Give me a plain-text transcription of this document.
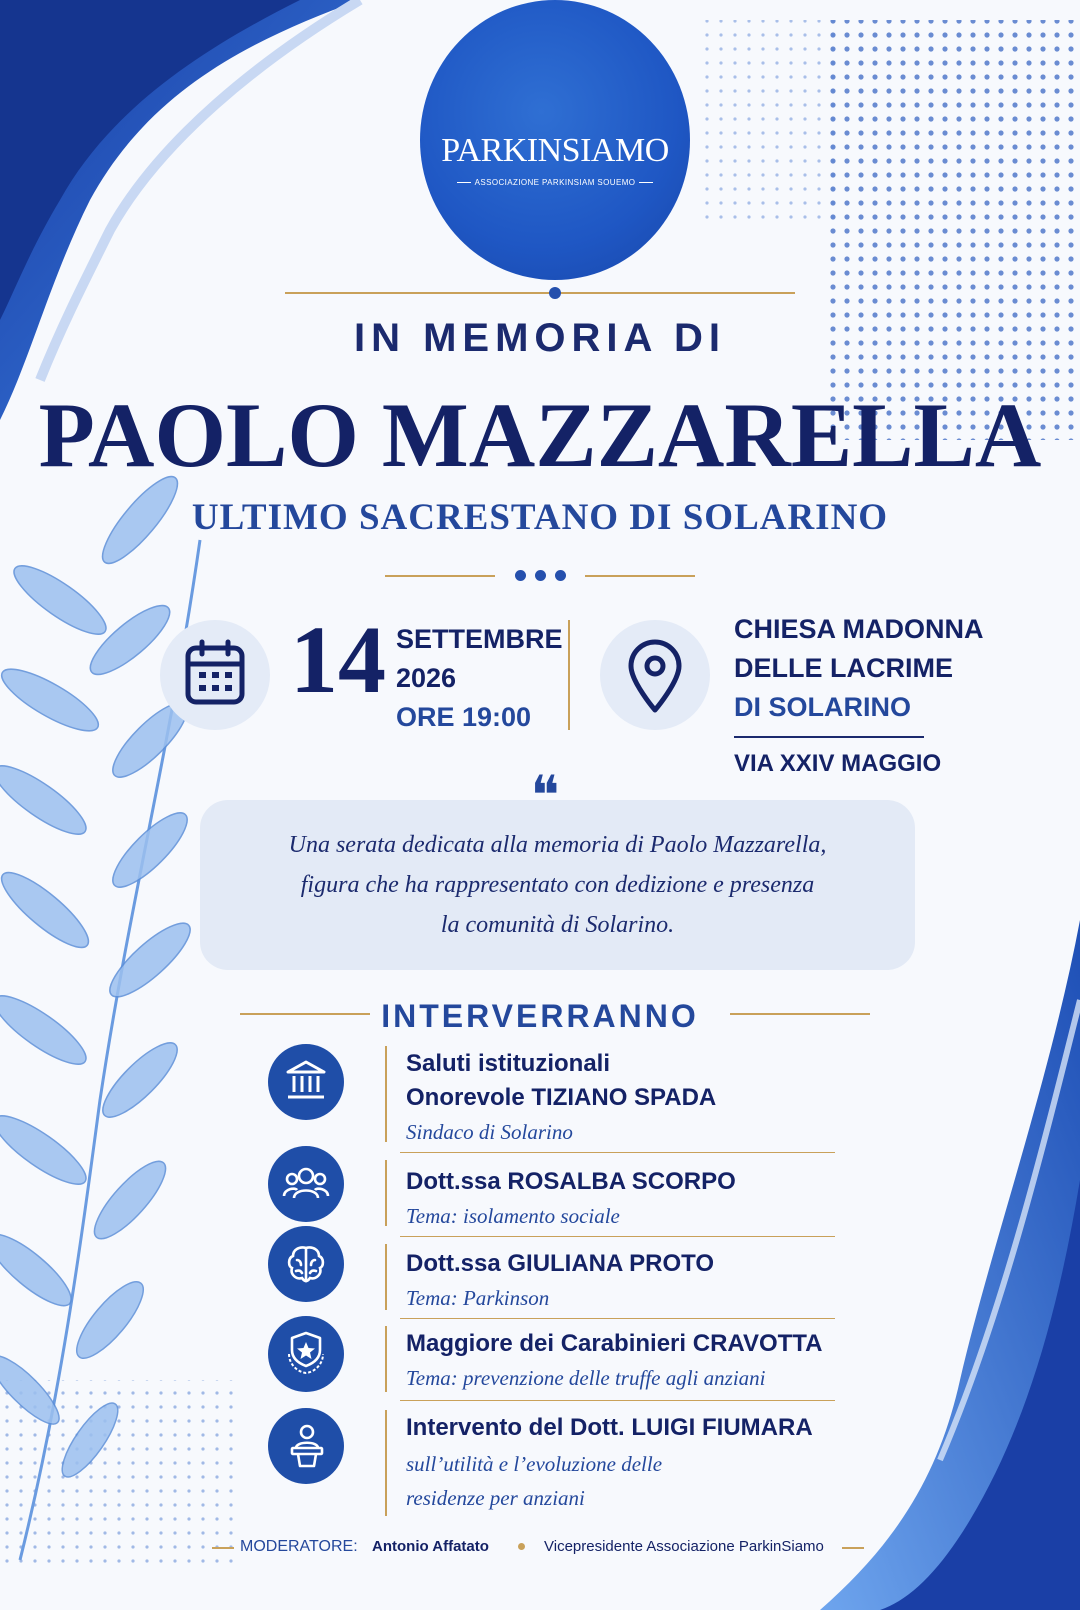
PARKINSIAMO
ASSOCIAZIONE PARKINSIAM SOUEMO
IN MEMORIA DI
PAOLO MAZZARELLA
ULTIMO SACRESTANO DI SOLARINO
14 SETTEMBRE
2026
ORE 19:00
CHIESA MADONNA
DELLE LACRIME
DI SOLARINO
VIA XXIV MAGGIO
❝
Una serata dedicata alla memoria di Paolo Mazzarella,
figura che ha rappresentato con dedizione e presenza
la comunità di Solarino.
INTERVERRANNO
Saluti istituzionali
Onorevole TIZIANO SPADA
Sindaco di Solarino
Dott.ssa ROSALBA SCORPO
Tema: isolamento sociale
Dott.ssa GIULIANA PROTO
Tema: Parkinson
Maggiore dei Carabinieri CRAVOTTA
Tema: prevenzione delle truffe agli anziani
Intervento del Dott. LUIGI FIUMARA
sull’utilità e l’evoluzione delle
residenze per anziani
MODERATORE: Antonio Affatato	Vicepresidente Associazione ParkinSiamo
